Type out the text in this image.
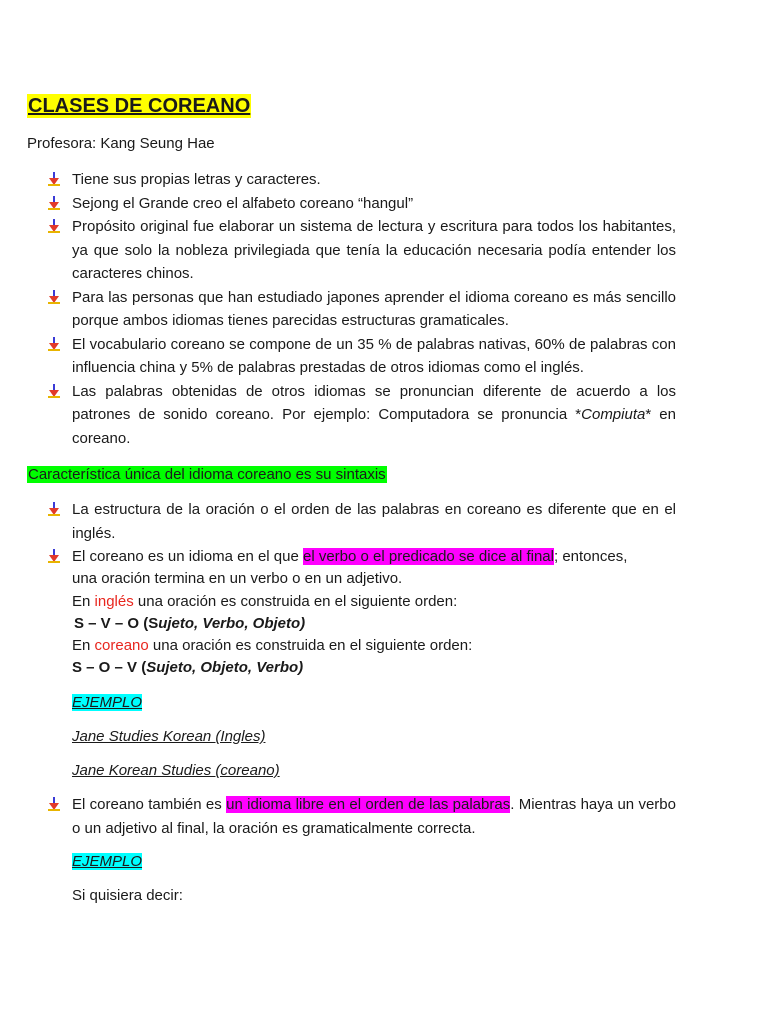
CLASES DE COREANO
Profesora: Kang Seung Hae
Tiene sus propias letras y caracteres.
Sejong el Grande creo el alfabeto coreano “hangul”
Propósito original fue elaborar un sistema de lectura y escritura para todos los habitantes, ya que solo la nobleza privilegiada que tenía la educación necesaria podía entender los caracteres chinos.
Para las personas que han estudiado japones aprender el idioma coreano es más sencillo porque ambos idiomas tienes parecidas estructuras gramaticales.
El vocabulario coreano se compone de un 35 % de palabras nativas, 60% de palabras con influencia china y 5% de palabras prestadas de otros idiomas como el inglés.
Las palabras obtenidas de otros idiomas se pronuncian diferente de acuerdo a los patrones de sonido coreano. Por ejemplo: Computadora se pronuncia *Compiuta* en coreano.
Característica única del idioma coreano es su sintaxis
La estructura de la oración o el orden de las palabras en coreano es diferente que en el inglés.
El coreano es un idioma en el que el verbo o el predicado se dice al final; entonces,
una oración termina en un verbo o en un adjetivo.
En inglés una oración es construida en el siguiente orden:
S – V – O (Sujeto, Verbo, Objeto)
En coreano una oración es construida en el siguiente orden:
S – O – V (Sujeto, Objeto, Verbo)
EJEMPLO
Jane Studies Korean (Ingles)
Jane Korean Studies (coreano)
El coreano también es un idioma libre en el orden de las palabras. Mientras haya un verbo o un adjetivo al final, la oración es gramaticalmente correcta.
EJEMPLO
Si quisiera decir:
